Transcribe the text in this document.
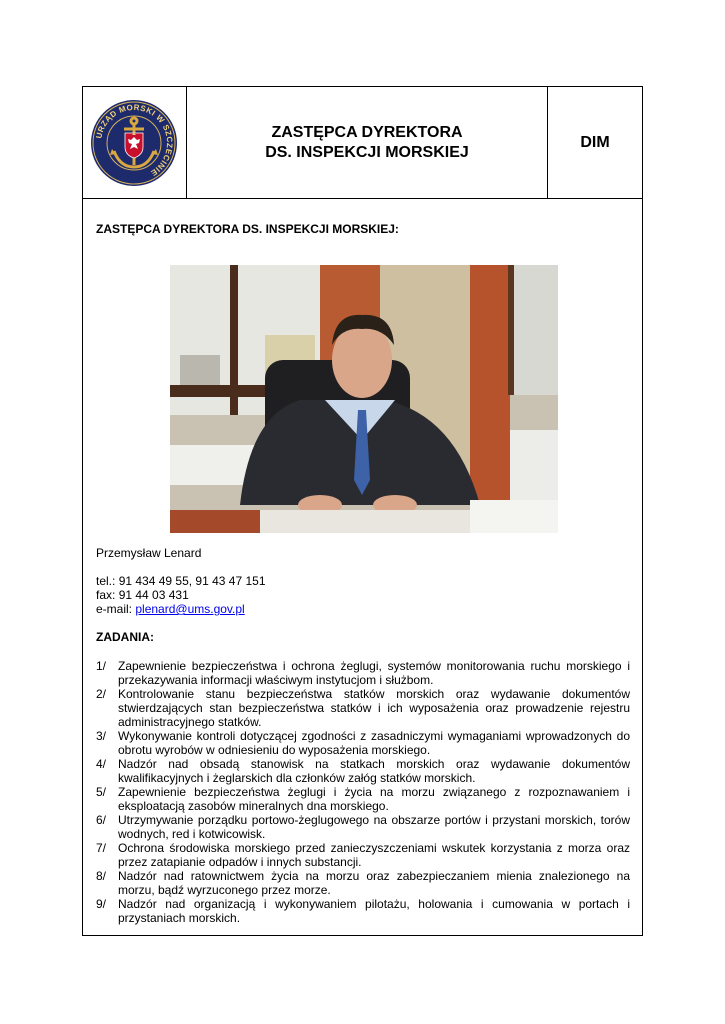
URZĄD MORSKI W SZCZECINIE
ZASTĘPCA DYREKTORA
DS. INSPEKCJI MORSKIEJ
DIM
ZASTĘPCA DYREKTORA DS. INSPEKCJI MORSKIEJ:
Przemysław Lenard
tel.: 91 434 49 55, 91 43 47 151
fax: 91 44 03 431
e-mail: plenard@ums.gov.pl
ZADANIA:
1/ Zapewnienie bezpieczeństwa i ochrona żeglugi, systemów monitorowania ruchu morskiego i przekazywania informacji właściwym instytucjom i służbom.
2/ Kontrolowanie stanu bezpieczeństwa statków morskich oraz wydawanie dokumentów stwierdzających stan bezpieczeństwa statków i ich wyposażenia oraz prowadzenie rejestru administracyjnego statków.
3/ Wykonywanie kontroli dotyczącej zgodności z zasadniczymi wymaganiami wprowadzonych do obrotu wyrobów w odniesieniu do wyposażenia morskiego.
4/ Nadzór nad obsadą stanowisk na statkach morskich oraz wydawanie dokumentów kwalifikacyjnych i żeglarskich dla członków załóg statków morskich.
5/ Zapewnienie bezpieczeństwa żeglugi i życia na morzu związanego z rozpoznawaniem i eksploatacją zasobów mineralnych dna morskiego.
6/ Utrzymywanie porządku portowo-żeglugowego na obszarze portów i przystani morskich, torów wodnych, red i kotwicowisk.
7/ Ochrona środowiska morskiego przed zanieczyszczeniami wskutek korzystania z morza oraz przez zatapianie odpadów i innych substancji.
8/ Nadzór nad ratownictwem życia na morzu oraz zabezpieczaniem mienia znalezionego na morzu, bądź wyrzuconego przez morze.
9/ Nadzór nad organizacją i wykonywaniem pilotażu, holowania i cumowania w portach i przystaniach morskich.
